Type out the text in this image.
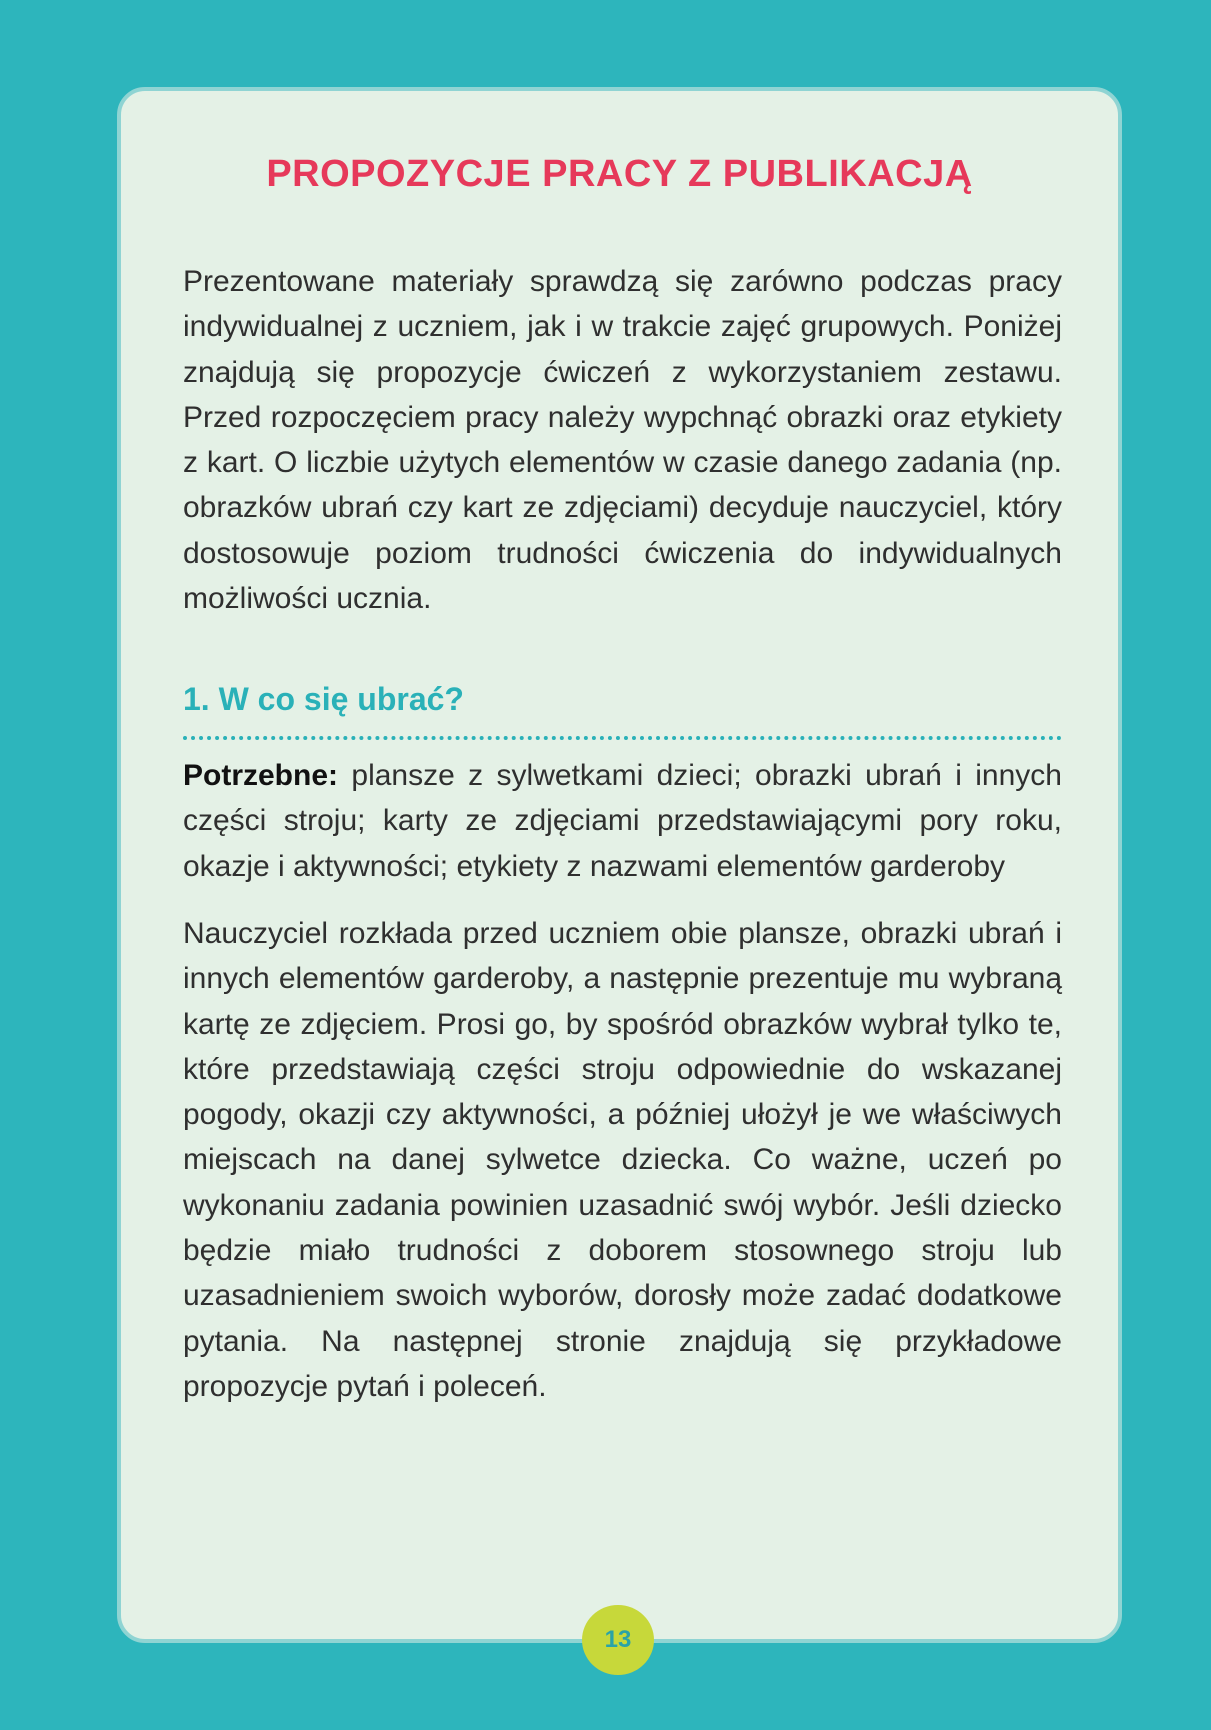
PROPOZYCJE PRACY Z PUBLIKACJĄ

Prezentowane materiały sprawdzą się zarówno podczas pracy indywidualnej z uczniem, jak i w trakcie zajęć grupowych. Poniżej znajdują się propozycje ćwiczeń z wykorzystaniem zestawu. Przed rozpoczęciem pracy należy wypchnąć obrazki oraz etykiety z kart. O liczbie użytych elementów w czasie danego zadania (np. obrazków ubrań czy kart ze zdjęciami) decyduje nauczyciel, który dostosowuje poziom trudności ćwiczenia do indywidualnych możliwości ucznia.

1. W co się ubrać?

Potrzebne: plansze z sylwetkami dzieci; obrazki ubrań i innych części stroju; karty ze zdjęciami przedstawiającymi pory roku, okazje i aktywności; etykiety z nazwami elementów garderoby

Nauczyciel rozkłada przed uczniem obie plansze, obrazki ubrań i innych elementów garderoby, a następnie prezentuje mu wybraną kartę ze zdjęciem. Prosi go, by spośród obrazków wybrał tylko te, które przedstawiają części stroju odpowiednie do wskazanej pogody, okazji czy aktywności, a później ułożył je we właściwych miejscach na danej sylwetce dziecka. Co ważne, uczeń po wykonaniu zadania powinien uzasadnić swój wybór. Jeśli dziecko będzie miało trudności z doborem stosownego stroju lub uzasadnieniem swoich wyborów, dorosły może zadać dodatkowe pytania. Na następnej stronie znajdują się przykładowe propozycje pytań i poleceń.

13
